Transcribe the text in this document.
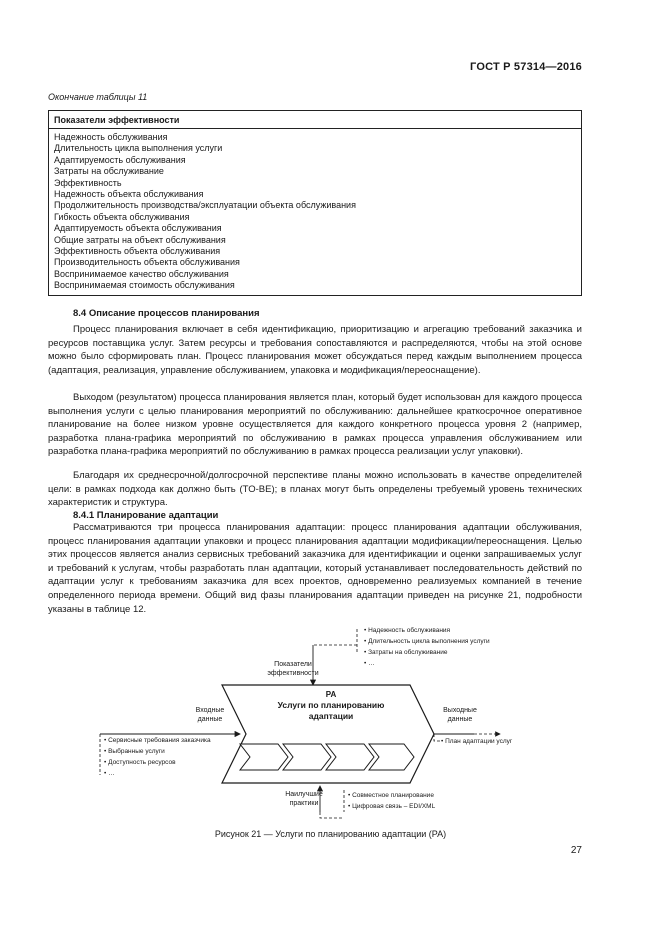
ГОСТ Р 57314—2016
Окончание таблицы 11
Показатели эффективности
Надежность обслуживания
Длительность цикла выполнения услуги
Адаптируемость обслуживания
Затраты на обслуживание
Эффективность
Надежность объекта обслуживания
Продолжительность производства/эксплуатации объекта обслуживания
Гибкость объекта обслуживания
Адаптируемость объекта обслуживания
Общие затраты на объект обслуживания
Эффективность объекта обслуживания
Производительность объекта обслуживания
Воспринимаемое качество обслуживания
Воспринимаемая стоимость обслуживания
8.4 Описание процессов планирования

Процесс планирования включает в себя идентификацию, приоритизацию и агрегацию требований заказчика и ресурсов поставщика услуг. Затем ресурсы и требования сопоставляются и распределяются, чтобы на этой основе можно было сформировать план. Процесс планирования может обсуждаться перед каждым выполнением процесса (адаптация, реализация, управление обслуживанием, упаковка и модификация/переоснащение).

Выходом (результатом) процесса планирования является план, который будет использован для каждого процесса выполнения услуги с целью планирования мероприятий по обслуживанию: дальнейшее краткосрочное оперативное планирование на более низком уровне осуществляется для каждого конкретного процесса уровня 2 (например, разработка плана-графика мероприятий по обслуживанию в рамках процесса управления обслуживанием или разработка плана-графика мероприятий по обслуживанию в рамках процесса реализации услуг упаковки).

Благодаря их среднесрочной/долгосрочной перспективе планы можно использовать в качестве определителей цели: в рамках подхода как должно быть (TO-BE); в планах могут быть определены требуемый уровень технических характеристик и структура.

8.4.1 Планирование адаптации

Рассматриваются три процесса планирования адаптации: процесс планирования адаптации обслуживания, процесс планирования адаптации упаковки и процесс планирования адаптации модификации/переоснащения. Целью этих процессов является анализ сервисных требований заказчика для идентификации и оценки запрашиваемых услуг и требований к услугам, чтобы разработать план адаптации, который устанавливает последовательность действий по адаптации услуг к требованиям заказчика для всех проектов, одновременно реализуемых компанией в течение определенного периода времени. Общий вид фазы планирования адаптации приведен на рисунке 21, подробности указаны в таблице 12.

• Надежность обслуживания
• Длительность цикла выполнения услуги
• Затраты на обслуживание
• …
Показатели
эффективности
PA
Услуги по планированию
адаптации
Входные
данные
• Сервисные требования заказчика
• Выбранные услуги
• Доступность ресурсов
• …
Выходные
данные
• План адаптации услуг
Наилучшие
практики
• Совместное планирование
• Цифровая связь – EDI/XML
Рисунок 21 — Услуги по планированию адаптации (PA)
27
